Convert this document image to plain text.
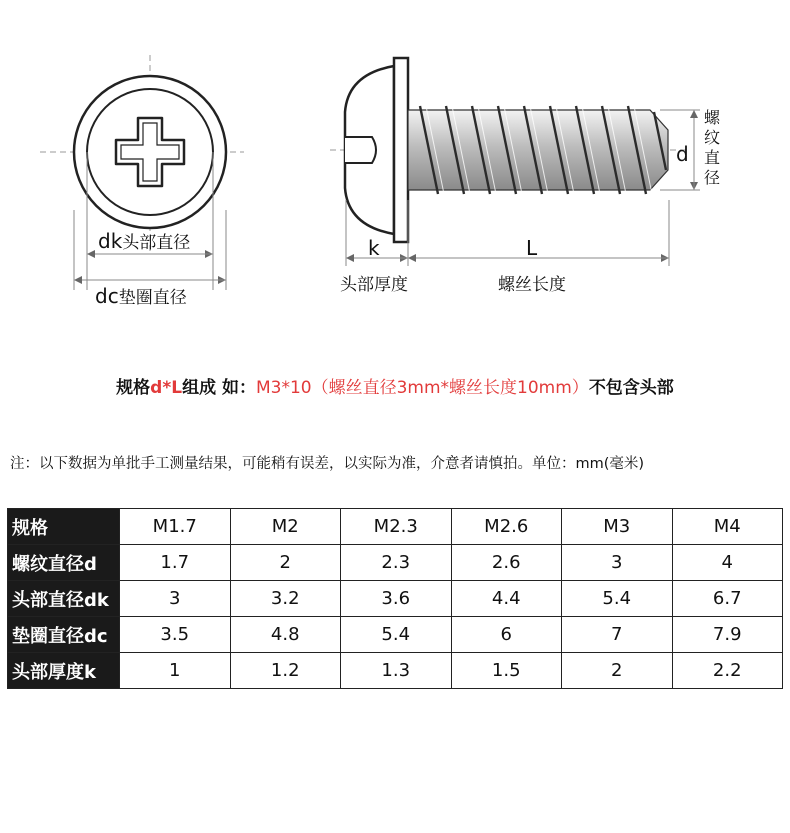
dk头部直径
dc垫圈直径
k
头部厚度
L
螺丝长度
d
螺
纹
直
径
规格d*L组成 如：M3*10（螺丝直径3mm*螺丝长度10mm）不包含头部
注：以下数据为单批手工测量结果，可能稍有误差，以实际为准，介意者请慎拍。单位：mm(毫米)
规格	M1.7	M2	M2.3	M2.6	M3	M4
螺纹直径d	1.7	2	2.3	2.6	3	4
头部直径dk	3	3.2	3.6	4.4	5.4	6.7
垫圈直径dc	3.5	4.8	5.4	6	7	7.9
头部厚度k	1	1.2	1.3	1.5	2	2.2
